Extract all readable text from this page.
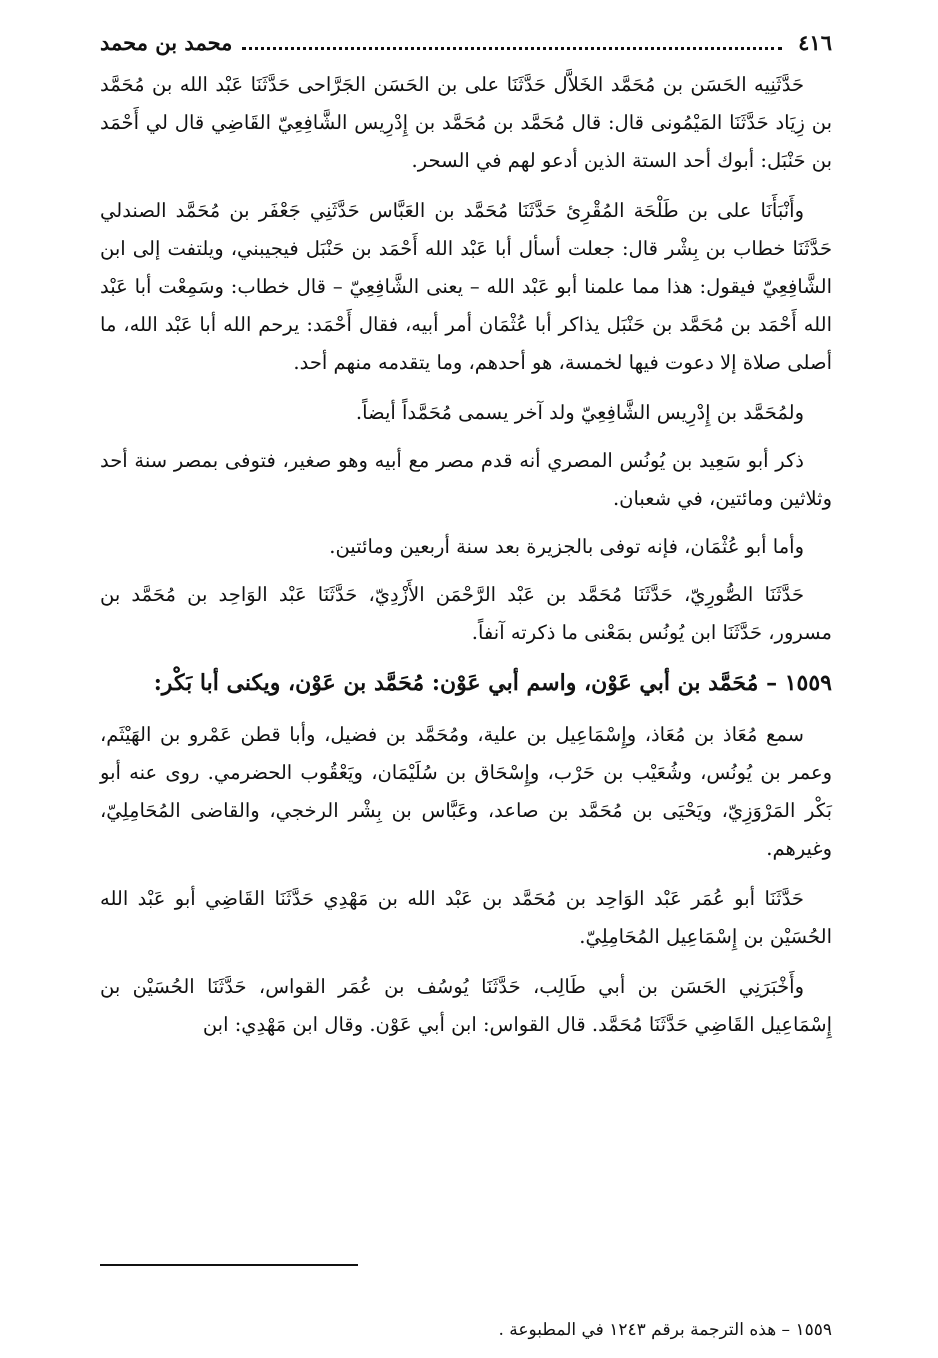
٤١٦
محمد بن محمد

حَدَّثَنِيه الحَسَن بن مُحَمَّد الخَلاَّل حَدَّثَنَا على بن الحَسَن الجَرَّاحى حَدَّثَنَا عَبْد الله بن مُحَمَّد بن زِيَاد حَدَّثَنَا المَيْمُونى قال: قال مُحَمَّد بن مُحَمَّد بن إِدْرِيس الشَّافِعِيّ القَاضِي قال لي أَحْمَد بن حَنْبَل: أبوك أحد الستة الذين أدعو لهم في السحر.

وأَنْبَأَنَا على بن طَلْحَة المُقْرِئ حَدَّثَنَا مُحَمَّد بن العَبَّاس حَدَّثَنِي جَعْفَر بن مُحَمَّد الصندلي حَدَّثَنَا خطاب بن بِشْر قال: جعلت أسأل أبا عَبْد الله أَحْمَد بن حَنْبَل فيجيبني، ويلتفت إلى ابن الشَّافِعِيّ فيقول: هذا مما علمنا أبو عَبْد الله – يعنى الشَّافِعِيّ – قال خطاب: وسَمِعْت أبا عَبْد الله أَحْمَد بن مُحَمَّد بن حَنْبَل يذاكر أبا عُثْمَان أمر أبيه، فقال أَحْمَد: يرحم الله أبا عَبْد الله، ما أصلى صلاة إلا دعوت فيها لخمسة، هو أحدهم، وما يتقدمه منهم أحد.

ولمُحَمَّد بن إِدْرِيس الشَّافِعِيّ ولد آخر يسمى مُحَمَّداً أيضاً.

ذكر أبو سَعِيد بن يُونُس المصري أنه قدم مصر مع أبيه وهو صغير، فتوفى بمصر سنة أحد وثلاثين ومائتين، في شعبان.

وأما أبو عُثْمَان، فإنه توفى بالجزيرة بعد سنة أربعين ومائتين.

حَدَّثَنَا الصُّورِيّ، حَدَّثَنَا مُحَمَّد بن عَبْد الرَّحْمَن الأَزْدِيّ، حَدَّثَنَا عَبْد الوَاحِد بن مُحَمَّد بن مسرور، حَدَّثَنَا ابن يُونُس بمَعْنى ما ذكرته آنفاً.

١٥٥٩ – مُحَمَّد بن أبي عَوْن، واسم أبي عَوْن: مُحَمَّد بن عَوْن، ويكنى أبا بَكْر:

سمع مُعَاذ بن مُعَاذ، وإِسْمَاعِيل بن علية، ومُحَمَّد بن فضيل، وأبا قطن عَمْرو بن الهَيْثَم، وعمر بن يُونُس، وشُعَيْب بن حَرْب، وإِسْحَاق بن سُلَيْمَان، ويَعْقُوب الحضرمي. روى عنه أبو بَكْر المَرْوَزِيّ، ويَحْيَى بن مُحَمَّد بن صاعد، وعَبَّاس بن بِشْر الرخجي، والقاضى المُحَامِلِيّ، وغيرهم.

حَدَّثَنَا أبو عُمَر عَبْد الوَاحِد بن مُحَمَّد بن عَبْد الله بن مَهْدِي حَدَّثَنَا القَاضِي أبو عَبْد الله الحُسَيْن بن إِسْمَاعِيل المُحَامِلِيّ.

وأَخْبَرَنِي الحَسَن بن أبي طَالِب، حَدَّثَنَا يُوسُف بن عُمَر القواس، حَدَّثَنَا الحُسَيْن بن إِسْمَاعِيل القَاضِي حَدَّثَنَا مُحَمَّد. قال القواس: ابن أبي عَوْن. وقال ابن مَهْدِي: ابن

١٥٥٩ – هذه الترجمة برقم ١٢٤٣ في المطبوعة .
